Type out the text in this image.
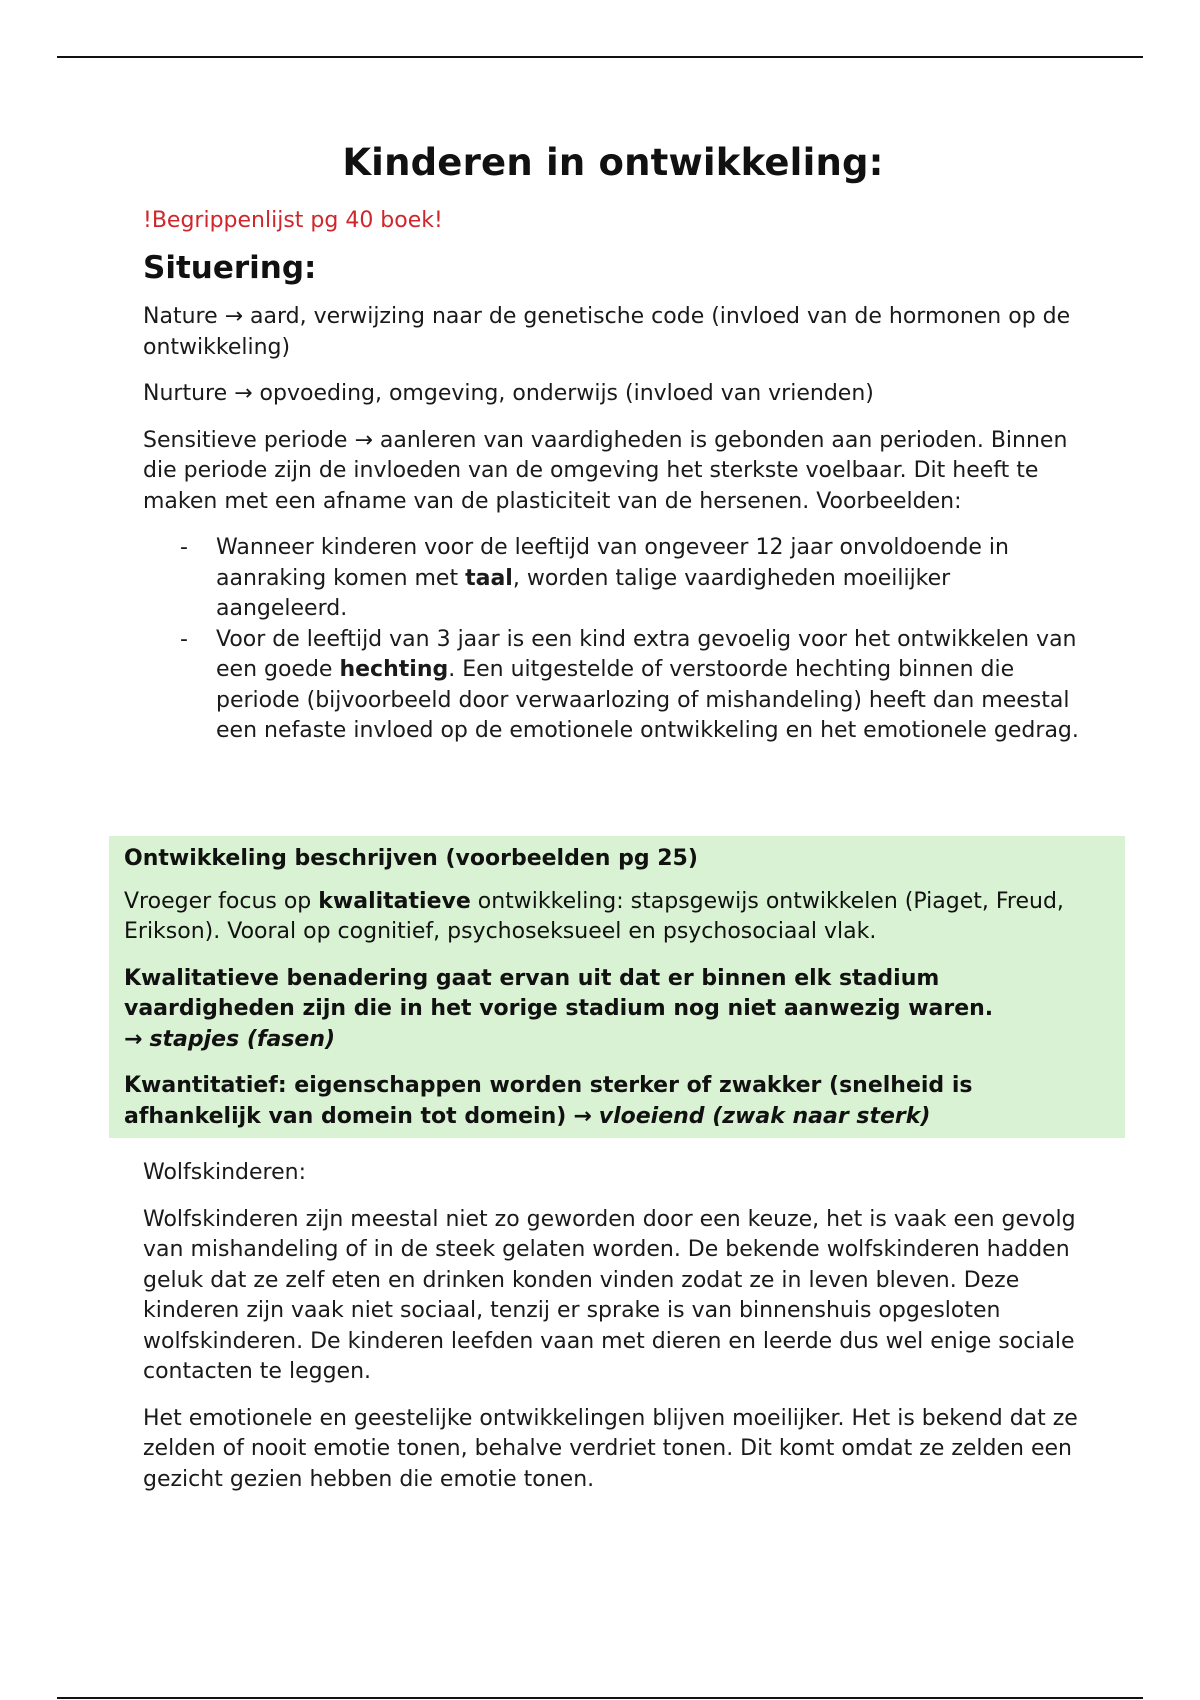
Kinderen in ontwikkeling:

!Begrippenlijst pg 40 boek!

Situering:

Nature → aard, verwijzing naar de genetische code (invloed van de hormonen op de ontwikkeling)

Nurture → opvoeding, omgeving, onderwijs (invloed van vrienden)

Sensitieve periode → aanleren van vaardigheden is gebonden aan perioden. Binnen die periode zijn de invloeden van de omgeving het sterkste voelbaar. Dit heeft te maken met een afname van de plasticiteit van de hersenen. Voorbeelden:

- Wanneer kinderen voor de leeftijd van ongeveer 12 jaar onvoldoende in aanraking komen met taal, worden talige vaardigheden moeilijker aangeleerd.
- Voor de leeftijd van 3 jaar is een kind extra gevoelig voor het ontwikkelen van een goede hechting. Een uitgestelde of verstoorde hechting binnen die periode (bijvoorbeeld door verwaarlozing of mishandeling) heeft dan meestal een nefaste invloed op de emotionele ontwikkeling en het emotionele gedrag.

Ontwikkeling beschrijven (voorbeelden pg 25)

Vroeger focus op kwalitatieve ontwikkeling: stapsgewijs ontwikkelen (Piaget, Freud, Erikson). Vooral op cognitief, psychoseksueel en psychosociaal vlak.

Kwalitatieve benadering gaat ervan uit dat er binnen elk stadium vaardigheden zijn die in het vorige stadium nog niet aanwezig waren.
→ stapjes (fasen)

Kwantitatief: eigenschappen worden sterker of zwakker (snelheid is afhankelijk van domein tot domein) → vloeiend (zwak naar sterk)

Wolfskinderen:

Wolfskinderen zijn meestal niet zo geworden door een keuze, het is vaak een gevolg van mishandeling of in de steek gelaten worden. De bekende wolfskinderen hadden geluk dat ze zelf eten en drinken konden vinden zodat ze in leven bleven. Deze kinderen zijn vaak niet sociaal, tenzij er sprake is van binnenshuis opgesloten wolfskinderen. De kinderen leefden vaan met dieren en leerde dus wel enige sociale contacten te leggen.

Het emotionele en geestelijke ontwikkelingen blijven moeilijker. Het is bekend dat ze zelden of nooit emotie tonen, behalve verdriet tonen. Dit komt omdat ze zelden een gezicht gezien hebben die emotie tonen.
